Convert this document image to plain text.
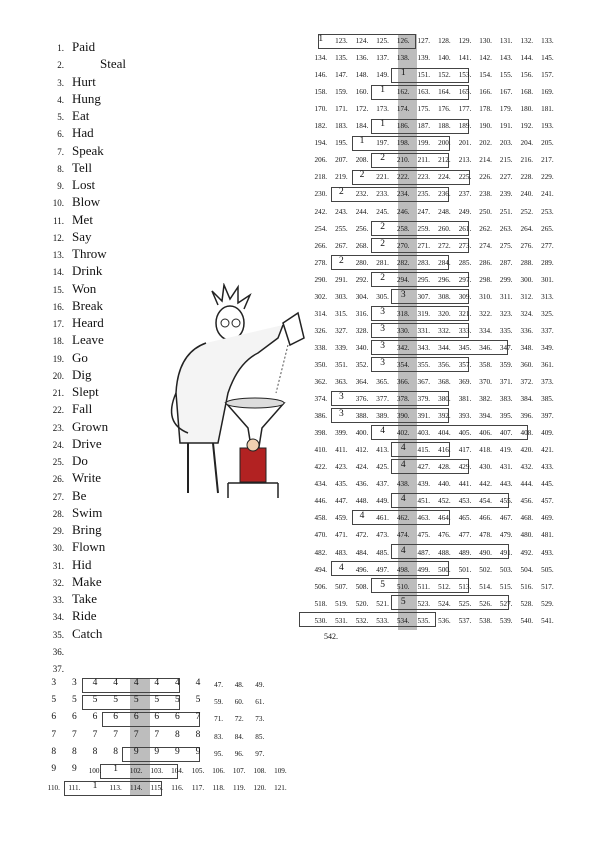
1. Paid
2.	Steal
3. Hurt
4. Hung
5. Eat
6. Had
7. Speak
8. Tell
9. Lost
10. Blow
11. Met
12. Say
13. Throw
14. Drink
15. Won
16. Break
17. Heard
18. Leave
19. Go
20. Dig
21. Slept
22. Fall
23. Grown
24. Drive
25. Do
26. Write
27. Be
28. Swim
29. Bring
30. Flown
31. Hid
32. Make
33. Take
34. Ride
35. Catch
36.
37.
1	123.	124.	125.	126.	127.	128.	129.	130.	131.	132.	133.
134.	135.	136.	137.	138.	139.	140.	141.	142.	143.	144.	145.
146.	147.	148.	149.	1	151.	152.	153.	154.	155.	156.	157.
158.	159.	160.	1	162.	163.	164.	165.	166.	167.	168.	169.
170.	171.	172.	173.	174.	175.	176.	177.	178.	179.	180.	181.
182.	183.	184.	1	186.	187.	188.	189.	190.	191.	192.	193.
194.	195.	1	197.	198.	199.	200.	201.	202.	203.	204.	205.
206.	207.	208.	2	210.	211.	212.	213.	214.	215.	216.	217.
218.	219.	2	221.	222.	223.	224.	225.	226.	227.	228.	229.
230.	2	232.	233.	234.	235.	236.	237.	238.	239.	240.	241.
242.	243.	244.	245.	246.	247.	248.	249.	250.	251.	252.	253.
254.	255.	256.	2	258.	259.	260.	261.	262.	263.	264.	265.
266.	267.	268.	2	270.	271.	272.	273.	274.	275.	276.	277.
278.	2	280.	281.	282.	283.	284.	285.	286.	287.	288.	289.
290.	291.	292.	2	294.	295.	296.	297.	298.	299.	300.	301.
302.	303.	304.	305.	3	307.	308.	309.	310.	311.	312.	313.
314.	315.	316.	3	318.	319.	320.	321.	322.	323.	324.	325.
326.	327.	328.	3	330.	331.	332.	333.	334.	335.	336.	337.
338.	339.	340.	3	342.	343.	344.	345.	346.	347.	348.	349.
350.	351.	352.	3	354.	355.	356.	357.	358.	359.	360.	361.
362.	363.	364.	365.	366.	367.	368.	369.	370.	371.	372.	373.
374.	3	376.	377.	378.	379.	380.	381.	382.	383.	384.	385.
386.	3	388.	389.	390.	391.	392.	393.	394.	395.	396.	397.
398.	399.	400.	4	402.	403.	404.	405.	406.	407.	408.	409.
410.	411.	412.	413.	4	415.	416.	417.	418.	419.	420.	421.
422.	423.	424.	425.	4	427.	428.	429.	430.	431.	432.	433.
434.	435.	436.	437.	438.	439.	440.	441.	442.	443.	444.	445.
446.	447.	448.	449.	4	451.	452.	453.	454.	455.	456.	457.
458.	459.	4	461.	462.	463.	464.	465.	466.	467.	468.	469.
470.	471.	472.	473.	474.	475.	476.	477.	478.	479.	480.	481.
482.	483.	484.	485.	4	487.	488.	489.	490.	491.	492.	493.
494.	4	496.	497.	498.	499.	500.	501.	502.	503.	504.	505.
506.	507.	508.	5	510.	511.	512.	513.	514.	515.	516.	517.
518.	519.	520.	521.	5	523.	524.	525.	526.	527.	528.	529.
530.	531.	532.	533.	534.	535.	536.	537.	538.	539.	540.	541.
542.
3	3	4	4	4	4	4	4	47.	48.	49.
5	5	5	5	5	5	5	5	59.	60.	61.
6	6	6	6	6	6	6	7	71.	72.	73.
7	7	7	7	7	7	8	8	83.	84.	85.
8	8	8	8	9	9	9	9	95.	96.	97.
9	9	100.	1	102.	103.	104.	105.	106.	107.	108.	109.
110.	111.	1	113.	114.	115.	116.	117.	118.	119.	120.	121.
